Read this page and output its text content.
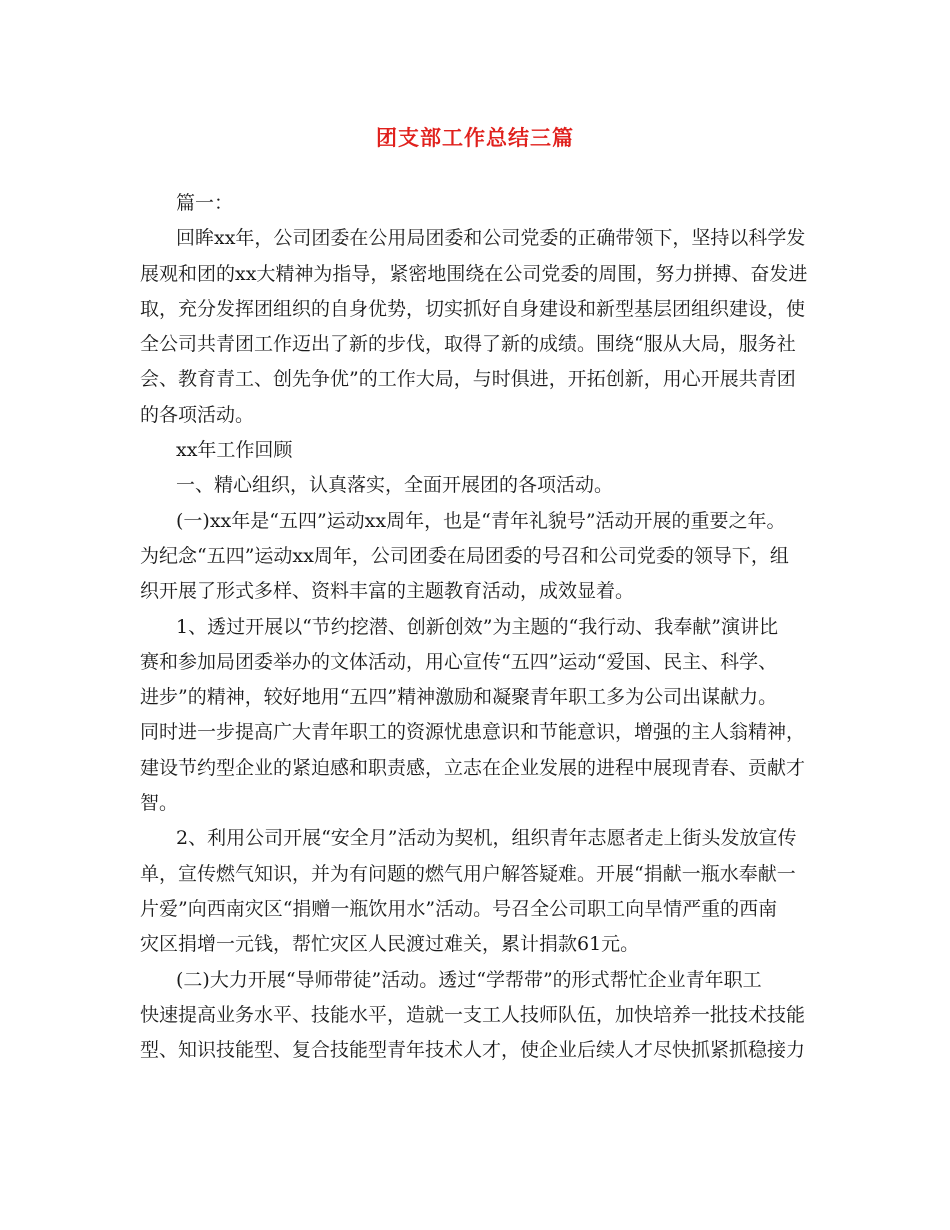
团支部工作总结三篇
篇一：
回眸xx年，公司团委在公用局团委和公司党委的正确带领下，坚持以科学发
展观和团的xx大精神为指导，紧密地围绕在公司党委的周围，努力拼搏、奋发进
取，充分发挥团组织的自身优势，切实抓好自身建设和新型基层团组织建设，使
全公司共青团工作迈出了新的步伐，取得了新的成绩。围绕“服从大局，服务社
会、教育青工、创先争优”的工作大局，与时俱进，开拓创新，用心开展共青团
的各项活动。
xx年工作回顾
一、精心组织，认真落实，全面开展团的各项活动。
(一)xx年是“五四”运动xx周年，也是“青年礼貌号”活动开展的重要之年。
为纪念“五四”运动xx周年，公司团委在局团委的号召和公司党委的领导下，组
织开展了形式多样、资料丰富的主题教育活动，成效显着。
1、透过开展以“节约挖潜、创新创效”为主题的“我行动、我奉献”演讲比
赛和参加局团委举办的文体活动，用心宣传“五四”运动“爱国、民主、科学、
进步”的精神，较好地用“五四”精神激励和凝聚青年职工多为公司出谋献力。
同时进一步提高广大青年职工的资源忧患意识和节能意识，增强的主人翁精神，
建设节约型企业的紧迫感和职责感，立志在企业发展的进程中展现青春、贡献才
智。
2、利用公司开展“安全月”活动为契机，组织青年志愿者走上街头发放宣传
单，宣传燃气知识，并为有问题的燃气用户解答疑难。开展“捐献一瓶水奉献一
片爱”向西南灾区“捐赠一瓶饮用水”活动。号召全公司职工向旱情严重的西南
灾区捐增一元钱，帮忙灾区人民渡过难关，累计捐款61元。
(二)大力开展“导师带徒”活动。透过“学帮带”的形式帮忙企业青年职工
快速提高业务水平、技能水平，造就一支工人技师队伍，加快培养一批技术技能
型、知识技能型、复合技能型青年技术人才，使企业后续人才尽快抓紧抓稳接力
